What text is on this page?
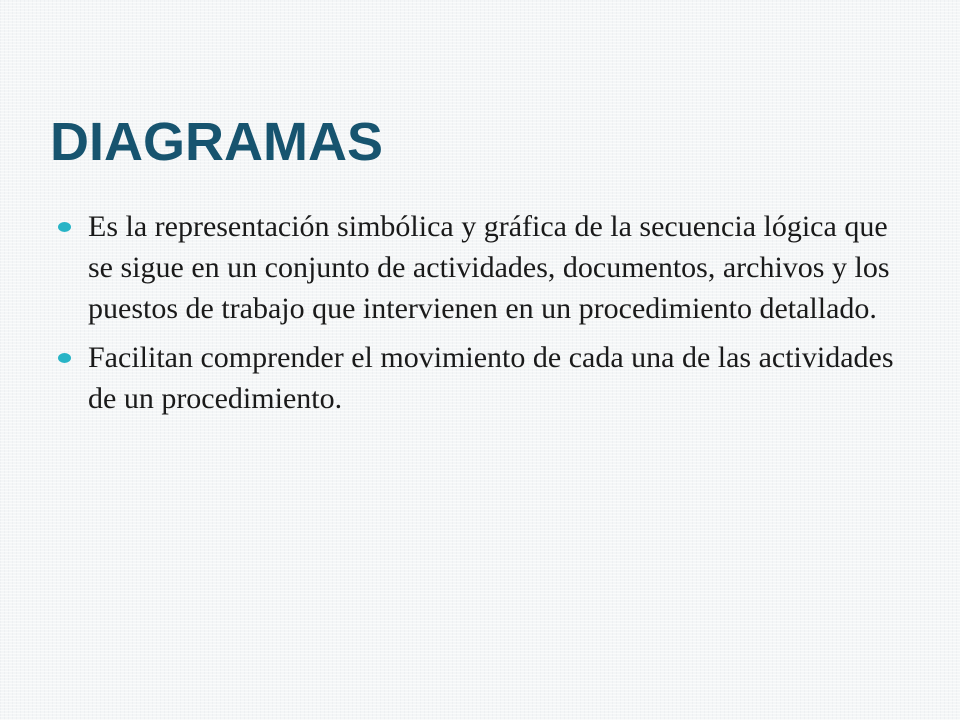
DIAGRAMAS
Es la representación simbólica y gráfica de la secuencia lógica que se sigue en un conjunto de actividades, documentos, archivos y los puestos de trabajo que intervienen en un procedimiento detallado.
Facilitan comprender el movimiento de cada una de las actividades de un procedimiento.
